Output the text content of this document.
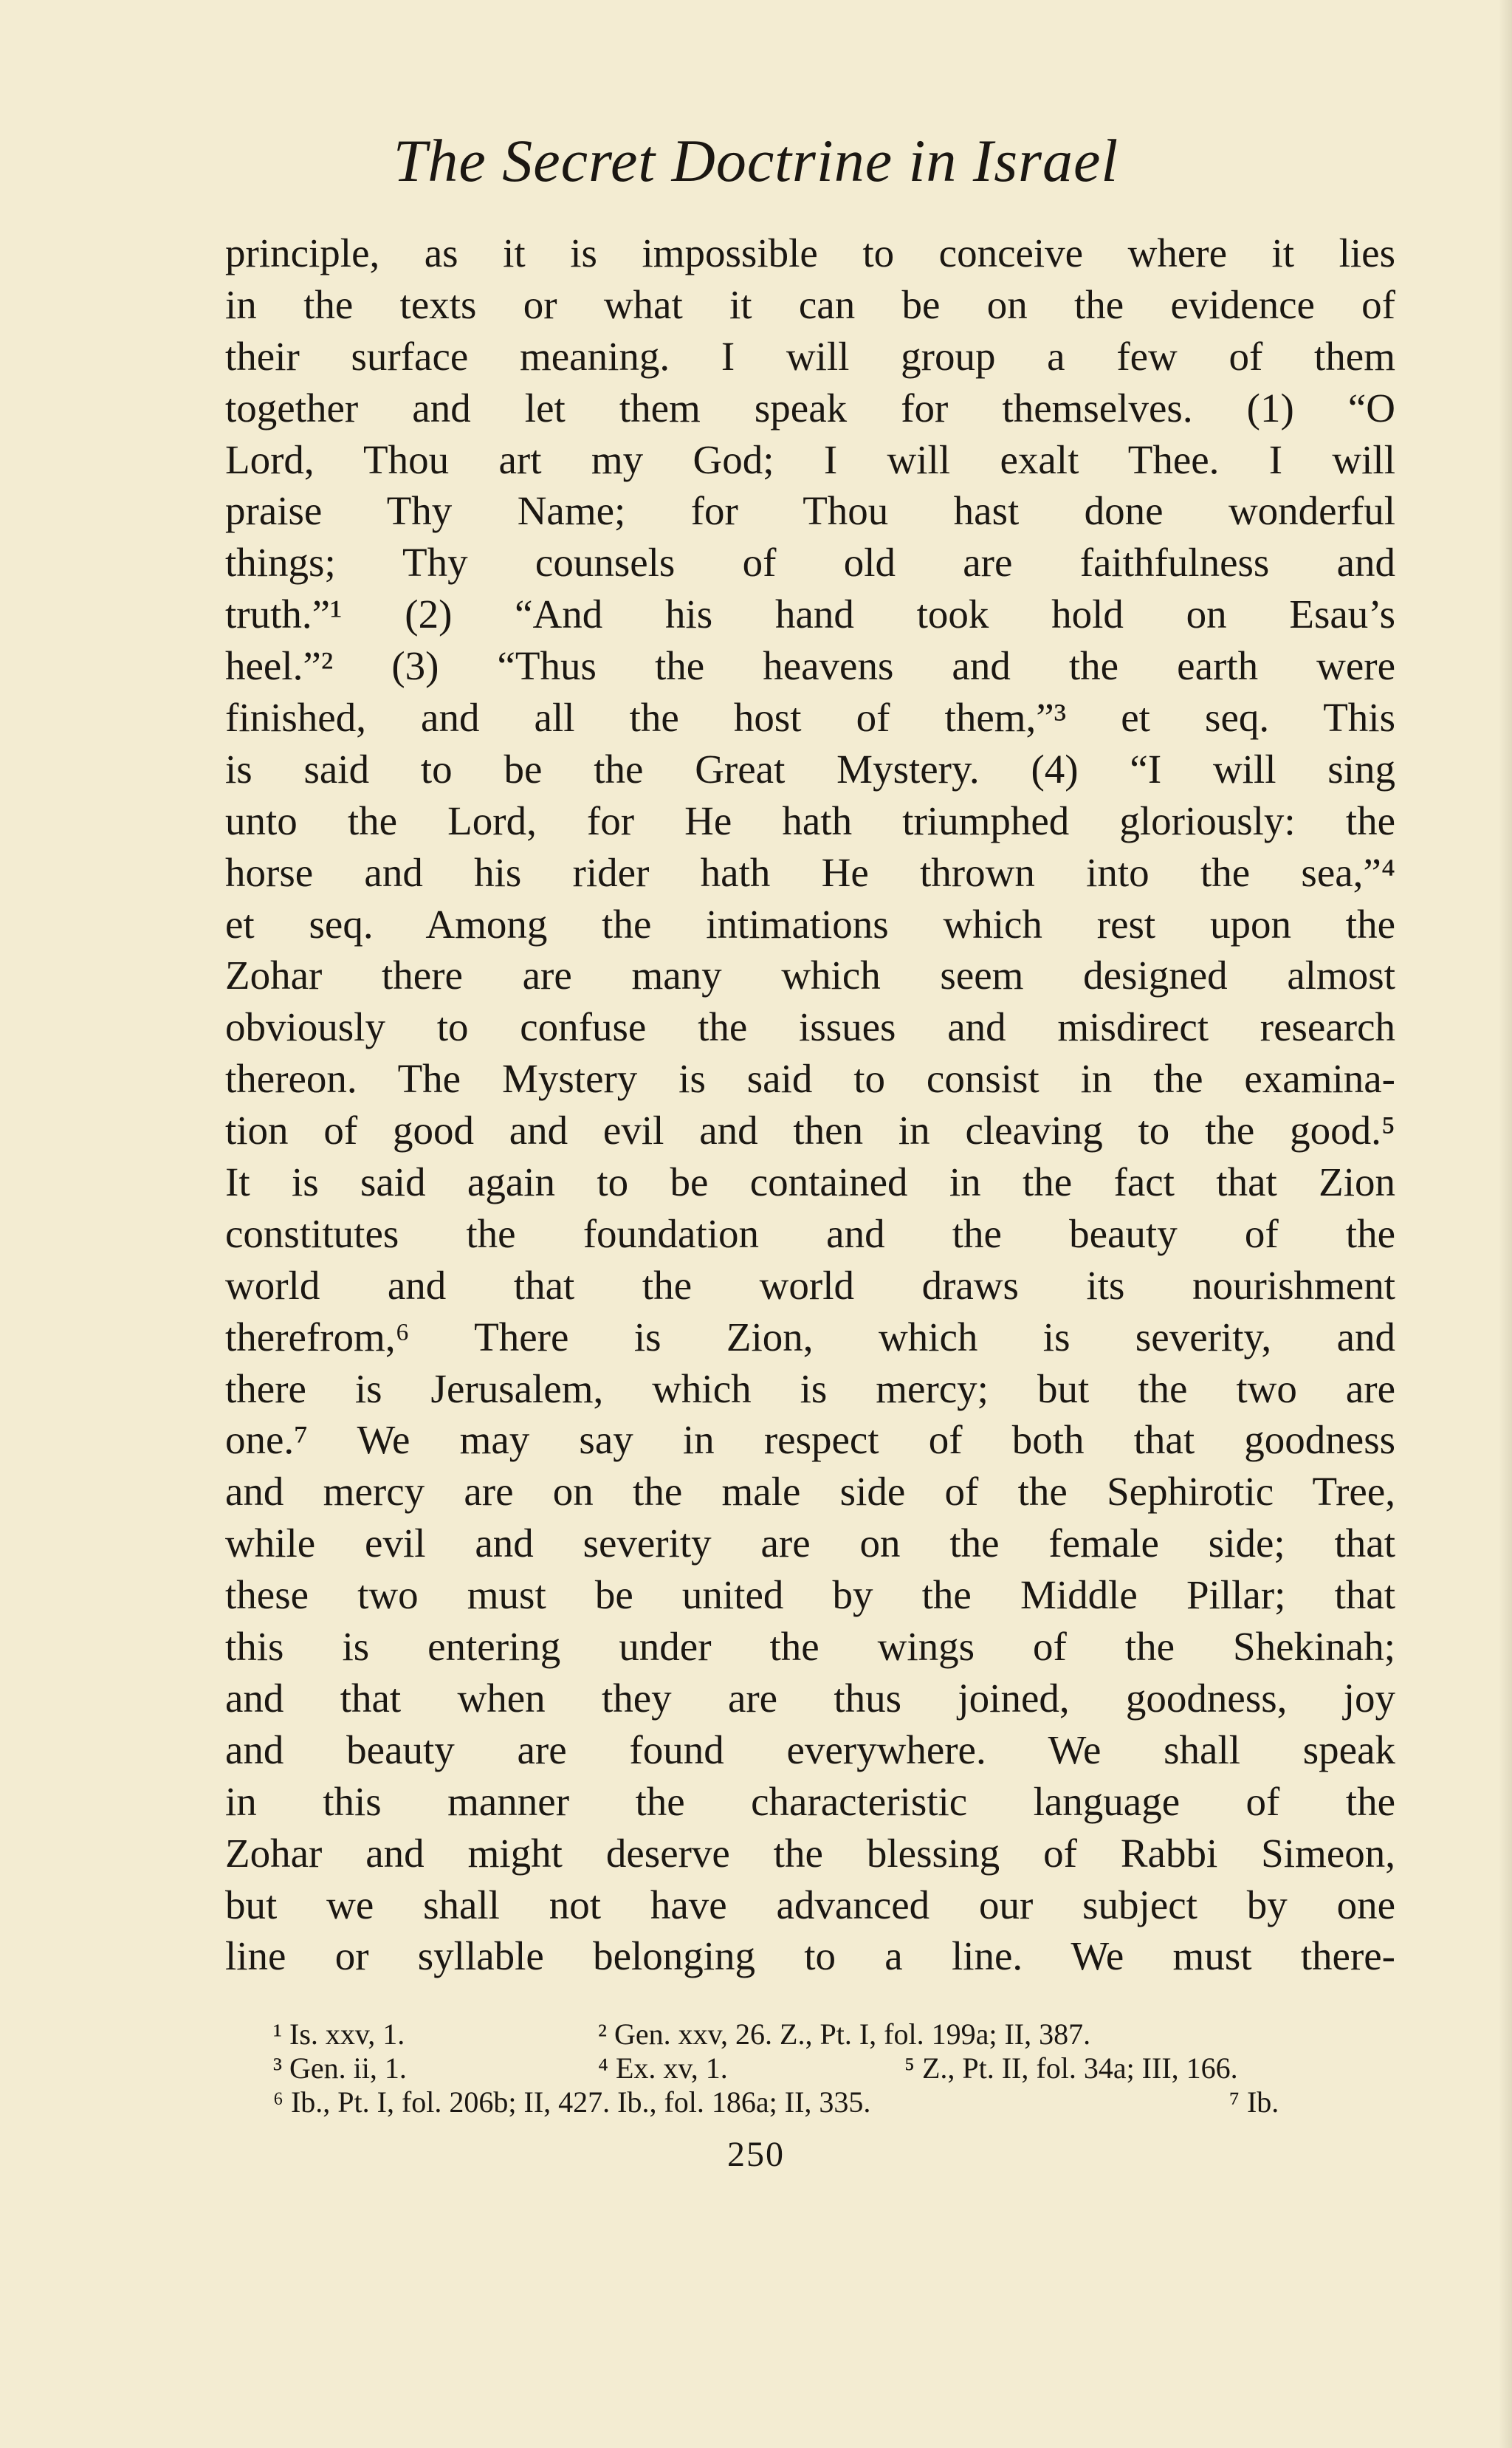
The Secret Doctrine in Israel
principle, as it is impossible to conceive where it lies
in the texts or what it can be on the evidence of
their surface meaning. I will group a few of them
together and let them speak for themselves. (1) “O
Lord, Thou art my God; I will exalt Thee. I will
praise Thy Name; for Thou hast done wonderful
things; Thy counsels of old are faithfulness and
truth.”¹ (2) “And his hand took hold on Esau’s
heel.”² (3) “Thus the heavens and the earth were
finished, and all the host of them,”³ et seq. This
is said to be the Great Mystery. (4) “I will sing
unto the Lord, for He hath triumphed gloriously: the
horse and his rider hath He thrown into the sea,”⁴
et seq. Among the intimations which rest upon the
Zohar there are many which seem designed almost
obviously to confuse the issues and misdirect research
thereon. The Mystery is said to consist in the examina-
tion of good and evil and then in cleaving to the good.⁵
It is said again to be contained in the fact that Zion
constitutes the foundation and the beauty of the
world and that the world draws its nourishment
therefrom,⁶ There is Zion, which is severity, and
there is Jerusalem, which is mercy; but the two are
one.⁷ We may say in respect of both that goodness
and mercy are on the male side of the Sephirotic Tree,
while evil and severity are on the female side; that
these two must be united by the Middle Pillar; that
this is entering under the wings of the Shekinah;
and that when they are thus joined, goodness, joy
and beauty are found everywhere. We shall speak
in this manner the characteristic language of the
Zohar and might deserve the blessing of Rabbi Simeon,
but we shall not have advanced our subject by one
line or syllable belonging to a line. We must there-
¹ Is. xxv, 1.	² Gen. xxv, 26. Z., Pt. I, fol. 199a; II, 387.
³ Gen. ii, 1.	⁴ Ex. xv, 1.	⁵ Z., Pt. II, fol. 34a; III, 166.
⁶ Ib., Pt. I, fol. 206b; II, 427. Ib., fol. 186a; II, 335.	⁷ Ib.
250
